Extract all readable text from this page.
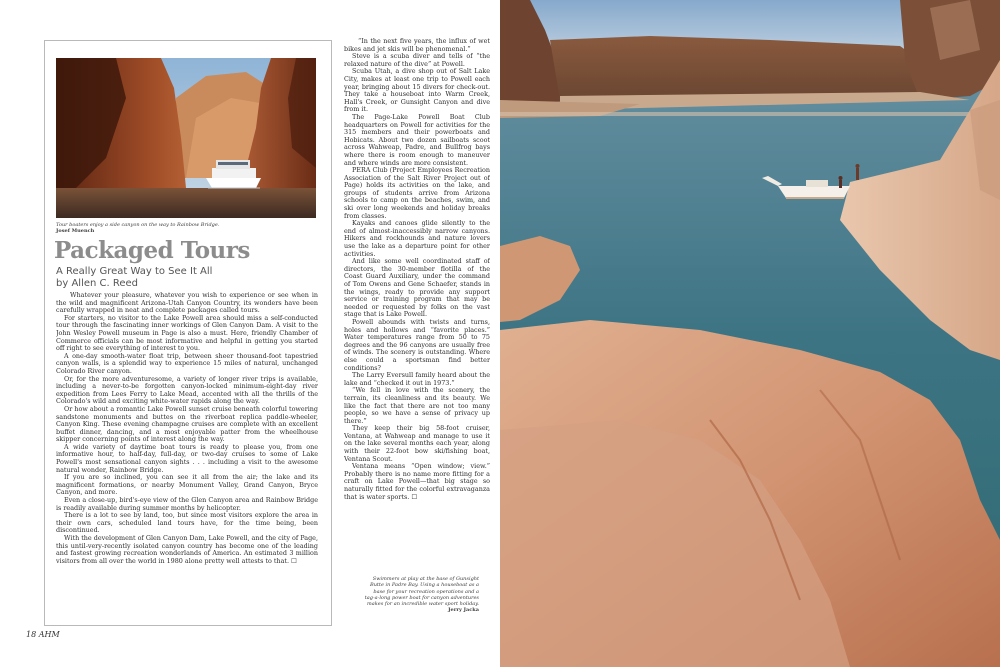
Tour boaters enjoy a side canyon on the way to Rainbow Bridge.
Josef Muench
Packaged Tours
A Really Great Way to See It All
by Allen C. Reed

Whatever your pleasure, whatever you wish to experience or see when in the wild and magnificent Arizona-Utah Canyon Country, its wonders have been carefully wrapped in neat and complete packages called tours.

For starters, no visitor to the Lake Powell area should miss a self-conducted tour through the fascinating inner workings of Glen Canyon Dam. A visit to the John Wesley Powell museum in Page is also a must. Here, friendly Chamber of Commerce officials can be most informative and helpful in getting you started off right to see everything of interest to you.

A one-day smooth-water float trip, between sheer thousand-foot tapestried canyon walls, is a splendid way to experience 15 miles of natural, unchanged Colorado River canyon.

Or, for the more adventuresome, a variety of longer river trips is available, including a never-to-be forgotten canyon-locked minimum-eight-day river expedition from Lees Ferry to Lake Mead, accented with all the thrills of the Colorado's wild and exciting white-water rapids along the way.

Or how about a romantic Lake Powell sunset cruise beneath colorful towering sandstone monuments and buttes on the riverboat replica paddle-wheeler, Canyon King. These evening champagne cruises are complete with an excellent buffet dinner, dancing, and a most enjoyable patter from the wheelhouse skipper concerning points of interest along the way.

A wide variety of daytime boat tours is ready to please you, from one informative hour, to half-day, full-day, or two-day cruises to some of Lake Powell's most sensational canyon sights . . . including a visit to the awesome natural wonder, Rainbow Bridge.

If you are so inclined, you can see it all from the air; the lake and its magnificent formations, or nearby Monument Valley, Grand Canyon, Bryce Canyon, and more.

Even a close-up, bird's-eye view of the Glen Canyon area and Rainbow Bridge is readily available during summer months by helicopter.

There is a lot to see by land, too, but since most visitors explore the area in their own cars, scheduled land tours have, for the time being, been discontinued.

With the development of Glen Canyon Dam, Lake Powell, and the city of Page, this until-very-recently isolated canyon country has become one of the leading and fastest growing recreation wonderlands of America. An estimated 3 million visitors from all over the world in 1980 alone pretty well attests to that. ☐

“In the next five years, the influx of wet bikes and jet skis will be phenomenal.”

Steve is a scuba diver and tells of “the relaxed nature of the dive” at Powell.

Scuba Utah, a dive shop out of Salt Lake City, makes at least one trip to Powell each year, bringing about 15 divers for check-out. They take a houseboat into Warm Creek, Hall's Creek, or Gunsight Canyon and dive from it.

The Page-Lake Powell Boat Club headquarters on Powell for activities for the 315 members and their powerboats and Hobicats. About two dozen sailboats scoot across Wahweap, Padre, and Bullfrog bays where there is room enough to maneuver and where winds are more consistent.

PERA Club (Project Employees Recreation Association of the Salt River Project out of Page) holds its activities on the lake, and groups of students arrive from Arizona schools to camp on the beaches, swim, and ski over long weekends and holiday breaks from classes.

Kayaks and canoes glide silently to the end of almost-inaccessibly narrow canyons. Hikers and rockhounds and nature lovers use the lake as a departure point for other activities.

And like some well coordinated staff of directors, the 30-member flotilla of the Coast Guard Auxiliary, under the command of Tom Owens and Gene Schaefer, stands in the wings, ready to provide any support service or training program that may be needed or requested by folks on the vast stage that is Lake Powell.

Powell abounds with twists and turns, holes and hollows and “favorite places.” Water temperatures range from 50 to 75 degrees and the 96 canyons are usually free of winds. The scenery is outstanding. Where else could a sportsman find better conditions?

The Larry Eversull family heard about the lake and “checked it out in 1973.”

“We fell in love with the scenery, the terrain, its cleanliness and its beauty. We like the fact that there are not too many people, so we have a sense of privacy up there.”

They keep their big 58-foot cruiser, Ventana, at Wahweap and manage to use it on the lake several months each year, along with their 22-foot bow ski/fishing boat, Ventana Scout.

Ventana means “Open window; view.” Probably there is no name more fitting for a craft on Lake Powell—that big stage so naturally fitted for the colorful extravaganza that is water sports. ☐

Swimmers at play at the base of Gunsight Butte in Padre Bay. Using a houseboat as a base for your recreation operations and a tag-a-long power boat for canyon adventures makes for an incredible water sport holiday. Jerry Jacka
18 AHM
